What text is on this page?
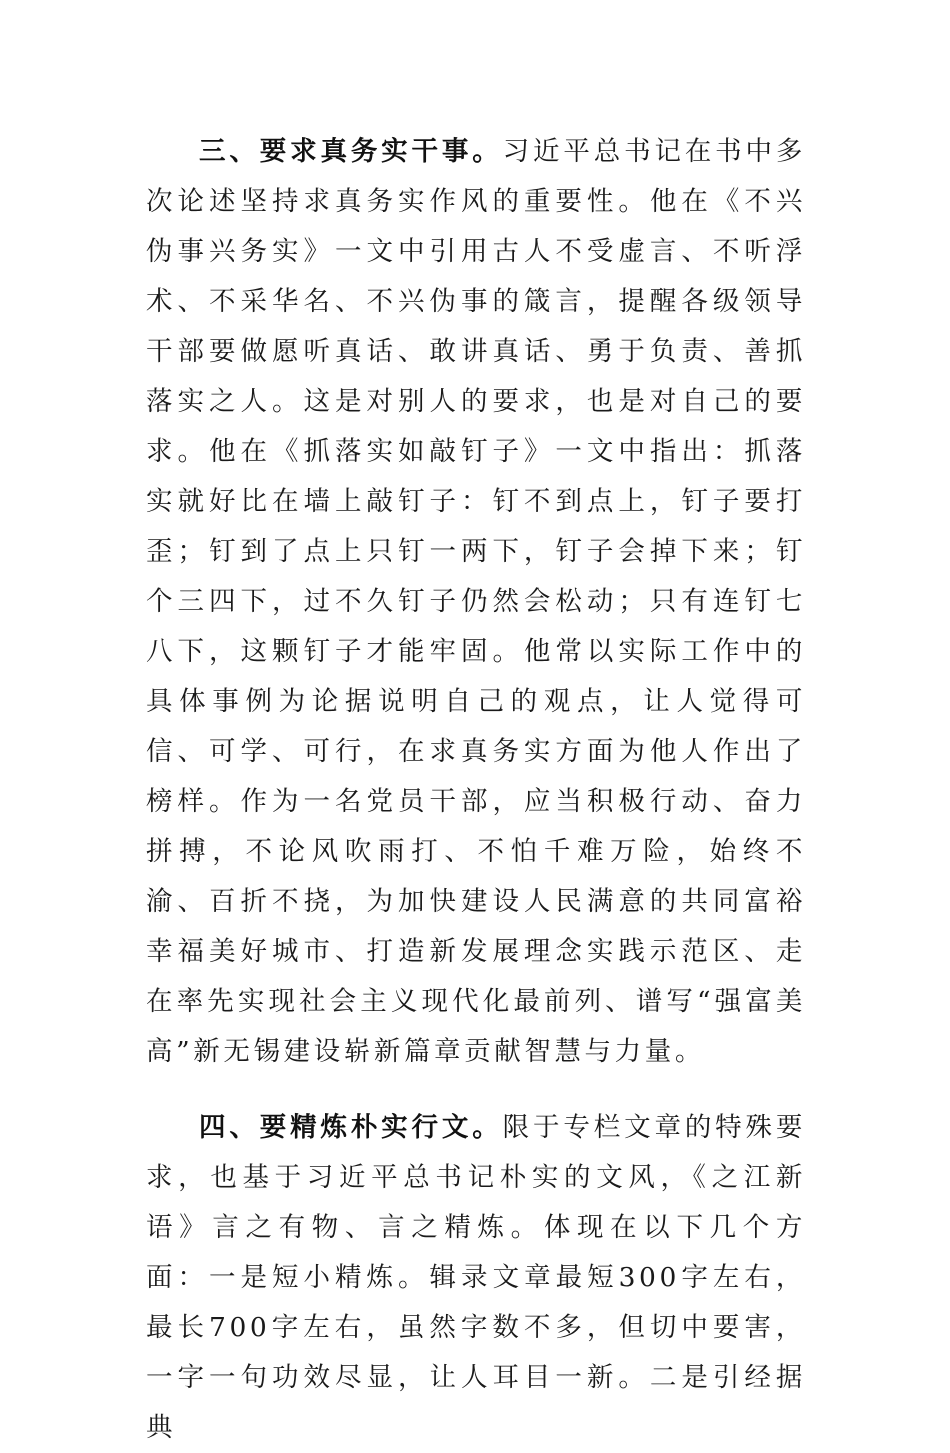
三、要求真务实干事。习近平总书记在书中多次论述坚持求真务实作风的重要性。他在《不兴伪事兴务实》一文中引用古人不受虚言、不听浮术、不采华名、不兴伪事的箴言，提醒各级领导干部要做愿听真话、敢讲真话、勇于负责、善抓落实之人。这是对别人的要求，也是对自己的要求。他在《抓落实如敲钉子》一文中指出：抓落实就好比在墙上敲钉子：钉不到点上，钉子要打歪；钉到了点上只钉一两下，钉子会掉下来；钉个三四下，过不久钉子仍然会松动；只有连钉七八下，这颗钉子才能牢固。他常以实际工作中的具体事例为论据说明自己的观点，让人觉得可信、可学、可行，在求真务实方面为他人作出了榜样。作为一名党员干部，应当积极行动、奋力拼搏，不论风吹雨打、不怕千难万险，始终不渝、百折不挠，为加快建设人民满意的共同富裕幸福美好城市、打造新发展理念实践示范区、走在率先实现社会主义现代化最前列、谱写“强富美高”新无锡建设崭新篇章贡献智慧与力量。

四、要精炼朴实行文。限于专栏文章的特殊要求，也基于习近平总书记朴实的文风，《之江新语》言之有物、言之精炼。体现在以下几个方面：一是短小精炼。辑录文章最短300字左右，最长700字左右，虽然字数不多，但切中要害，一字一句功效尽显，让人耳目一新。二是引经据典
